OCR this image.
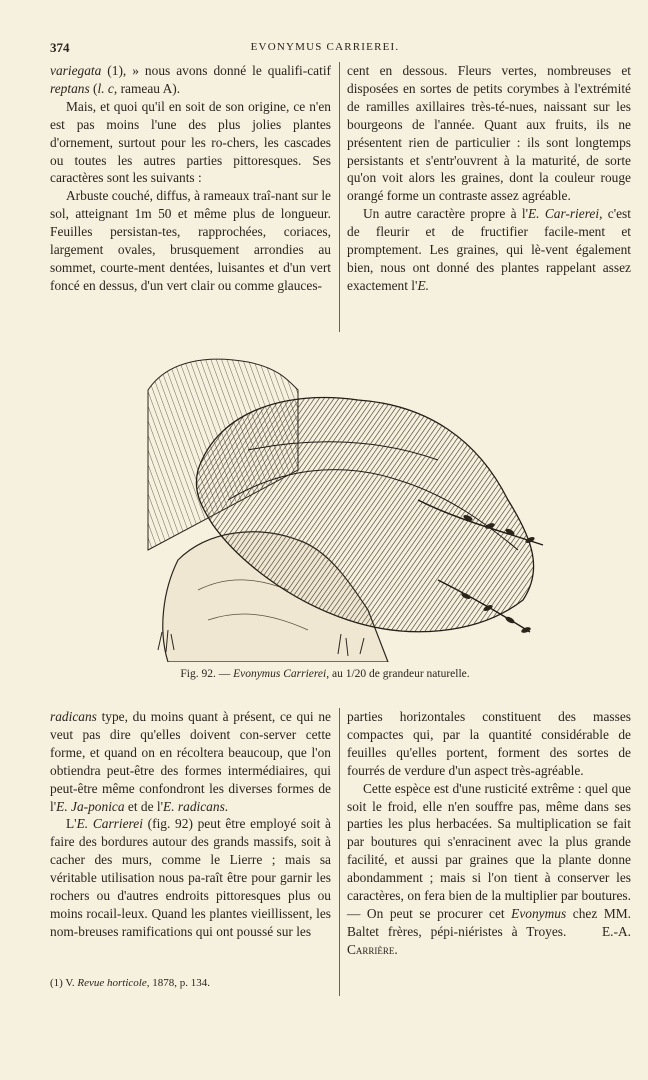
374	EVONYMUS CARRIEREI.

variegata (1), » nous avons donné le qualifi-catif reptans (l. c, rameau A).

Mais, et quoi qu'il en soit de son origine, ce n'en est pas moins l'une des plus jolies plantes d'ornement, surtout pour les ro-chers, les cascades ou toutes les autres parties pittoresques. Ses caractères sont les suivants :

Arbuste couché, diffus, à rameaux traî-nant sur le sol, atteignant 1m 50 et même plus de longueur. Feuilles persistan-tes, rapprochées, coriaces, largement ovales, brusquement arrondies au sommet, courte-ment dentées, luisantes et d'un vert foncé en dessus, d'un vert clair ou comme glauces-

cent en dessous. Fleurs vertes, nombreuses et disposées en sortes de petits corymbes à l'extrémité de ramilles axillaires très-té-nues, naissant sur les bourgeons de l'année. Quant aux fruits, ils ne présentent rien de particulier : ils sont longtemps persistants et s'entr'ouvrent à la maturité, de sorte qu'on voit alors les graines, dont la couleur rouge orangé forme un contraste assez agréable.

Un autre caractère propre à l'E. Car-rierei, c'est de fleurir et de fructifier facile-ment et promptement. Les graines, qui lè-vent également bien, nous ont donné des plantes rappelant assez exactement l'E.

Fig. 92. — Evonymus Carrierei, au 1/20 de grandeur naturelle.

radicans type, du moins quant à présent, ce qui ne veut pas dire qu'elles doivent con-server cette forme, et quand on en récoltera beaucoup, que l'on obtiendra peut-être des formes intermédiaires, qui peut-être même confondront les diverses formes de l'E. Ja-ponica et de l'E. radicans.

L'E. Carrierei (fig. 92) peut être employé soit à faire des bordures autour des grands massifs, soit à cacher des murs, comme le Lierre ; mais sa véritable utilisation nous pa-raît être pour garnir les rochers ou d'autres endroits pittoresques plus ou moins rocail-leux. Quand les plantes vieillissent, les nom-breuses ramifications qui ont poussé sur les

(1) V. Revue horticole, 1878, p. 134.

parties horizontales constituent des masses compactes qui, par la quantité considérable de feuilles qu'elles portent, forment des sortes de fourrés de verdure d'un aspect très-agréable.

Cette espèce est d'une rusticité extrême : quel que soit le froid, elle n'en souffre pas, même dans ses parties les plus herbacées. Sa multiplication se fait par boutures qui s'enracinent avec la plus grande facilité, et aussi par graines que la plante donne abondamment ; mais si l'on tient à conserver les caractères, on fera bien de la multiplier par boutures. — On peut se procurer cet Evonymus chez MM. Baltet frères, pépi-niéristes à Troyes.	E.-A. Carrière.
